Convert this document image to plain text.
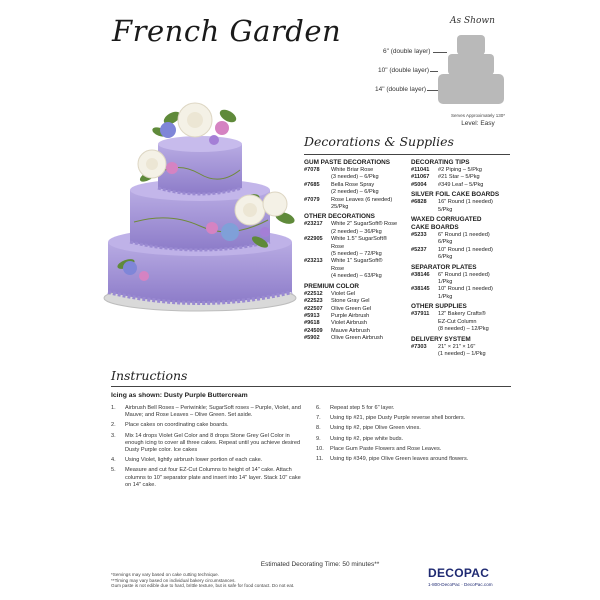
French Garden	As Shown
6" (double layer)
10" (double layer)
14" (double layer)
Serves Approximately 130*
Level: Easy
Decorations & Supplies
GUM PASTE DECORATIONS
#7078	White Briar Rose
(3 needed) – 6/Pkg
#7685	Bella Rose Spray
(2 needed) – 6/Pkg
#7079	Rose Leaves (6 needed)
25/Pkg
OTHER DECORATIONS
#23217	White 2" SugarSoft® Rose
(2 needed) – 36/Pkg
#22905	White 1.5" SugarSoft®
Rose
(5 needed) – 72/Pkg
#23213	White 1" SugarSoft®
Rose
(4 needed) – 63/Pkg
PREMIUM COLOR
#22512	Violet Gel
#22523	Stone Gray Gel
#22507	Olive Green Gel
#5913	Purple Airbrush
#9618	Violet Airbrush
#24509	Mauve Airbrush
#5902	Olive Green Airbrush
DECORATING TIPS
#11041	#2 Piping – 5/Pkg
#11067	#21 Star – 5/Pkg
#5004	#349 Leaf – 5/Pkg
SILVER FOIL CAKE BOARDS
#6828	16" Round (1 needed)
5/Pkg
WAXED CORRUGATED
CAKE BOARDS
#5233	6" Round (1 needed)
6/Pkg
#5237	10" Round (1 needed)
6/Pkg
SEPARATOR PLATES
#38146	6" Round (1 needed)
1/Pkg
#38145	10" Round (1 needed)
1/Pkg
OTHER SUPPLIES
#37911	12" Bakery Crafts®
EZ-Cut Column
(8 needed) – 12/Pkg
DELIVERY SYSTEM
#7303	21" × 21" × 16"
(1 needed) – 1/Pkg
Instructions
Icing as shown: Dusty Purple Buttercream
1.	Airbrush Bell Roses – Periwinkle; SugarSoft roses – Purple, Violet, and Mauve; and Rose Leaves – Olive Green. Set aside.
2.	Place cakes on coordinating cake boards.
3.	Mix 14 drops Violet Gel Color and 8 drops Stone Grey Gel Color in enough icing to cover all three cakes. Repeat until you achieve desired Dusty Purple color. Ice cakes
4.	Using Violet, lightly airbrush lower portion of each cake.
5.	Measure and cut four EZ-Cut Columns to height of 14" cake. Attach columns to 10" separator plate and insert into 14" layer. Stack 10" cake on 14" cake.
6.	Repeat step 5 for 6" layer.
7.	Using tip #21, pipe Dusty Purple reverse shell borders.
8.	Using tip #2, pipe Olive Green vines.
9.	Using tip #2, pipe white buds.
10.	Place Gum Paste Flowers and Rose Leaves.
11.	Using tip #349, pipe Olive Green leaves around flowers.
Estimated Decorating Time: 50 minutes**
*Servings may vary based on cake cutting technique.
**Timing may vary based on individual bakery circumstances.
Gum paste is not edible due to hard, brittle texture, but is safe for food contact. Do not eat.
DECOPAC
1-800-DecoPac · DecoPac.com
